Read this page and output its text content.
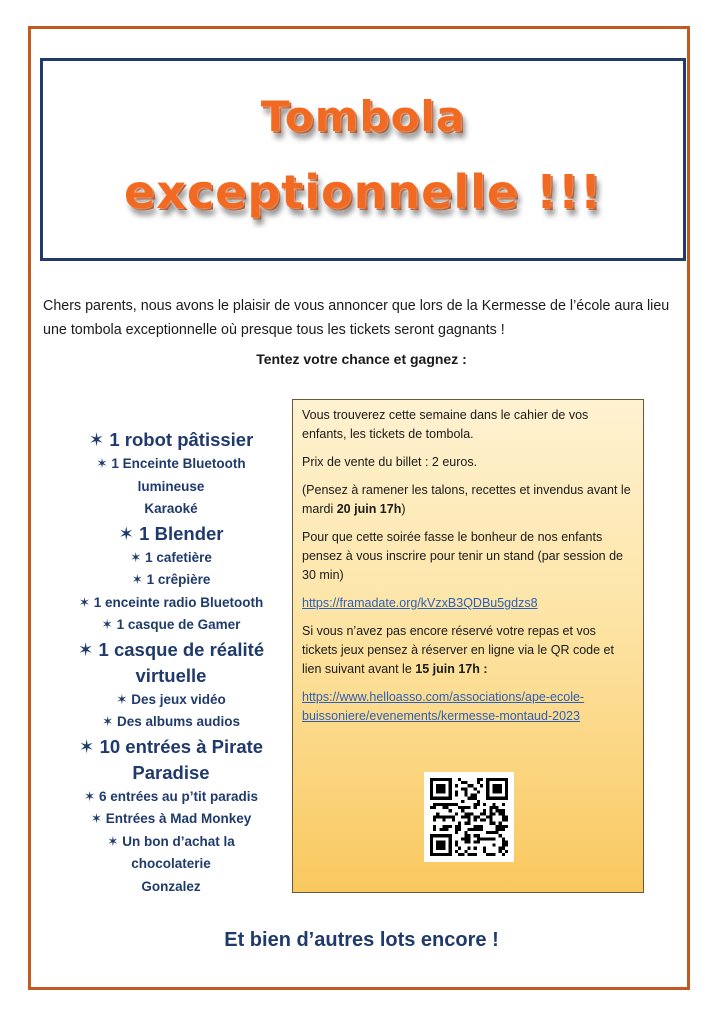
Tombola
exceptionnelle !!!
Chers parents, nous avons le plaisir de vous annoncer que lors de la Kermesse de l’école aura lieu une tombola exceptionnelle où presque tous les tickets seront gagnants !
Tentez votre chance et gagnez :
✶ 1 robot pâtissier
✶ 1 Enceinte Bluetooth
lumineuse
Karaoké
✶ 1 Blender
✶ 1 cafetière
✶ 1 crêpière
✶ 1 enceinte radio Bluetooth
✶ 1 casque de Gamer
✶ 1 casque de réalité
virtuelle
✶ Des jeux vidéo
✶ Des albums audios
✶ 10 entrées à Pirate
Paradise
✶ 6 entrées au p’tit paradis
✶ Entrées à Mad Monkey
✶ Un bon d’achat la
chocolaterie
Gonzalez

Vous trouverez cette semaine dans le cahier de vos enfants, les tickets de tombola.

Prix de vente du billet : 2 euros.

(Pensez à ramener les talons, recettes et invendus avant le mardi 20 juin 17h)

Pour que cette soirée fasse le bonheur de nos enfants pensez à vous inscrire pour tenir un stand (par session de 30 min)

https://framadate.org/kVzxB3QDBu5gdzs8

Si vous n’avez pas encore réservé votre repas et vos tickets jeux pensez à réserver en ligne via le QR code et lien suivant avant le 15 juin 17h :

https://www.helloasso.com/associations/ape-ecole-buissoniere/evenements/kermesse-montaud-2023

Et bien d’autres lots encore !
